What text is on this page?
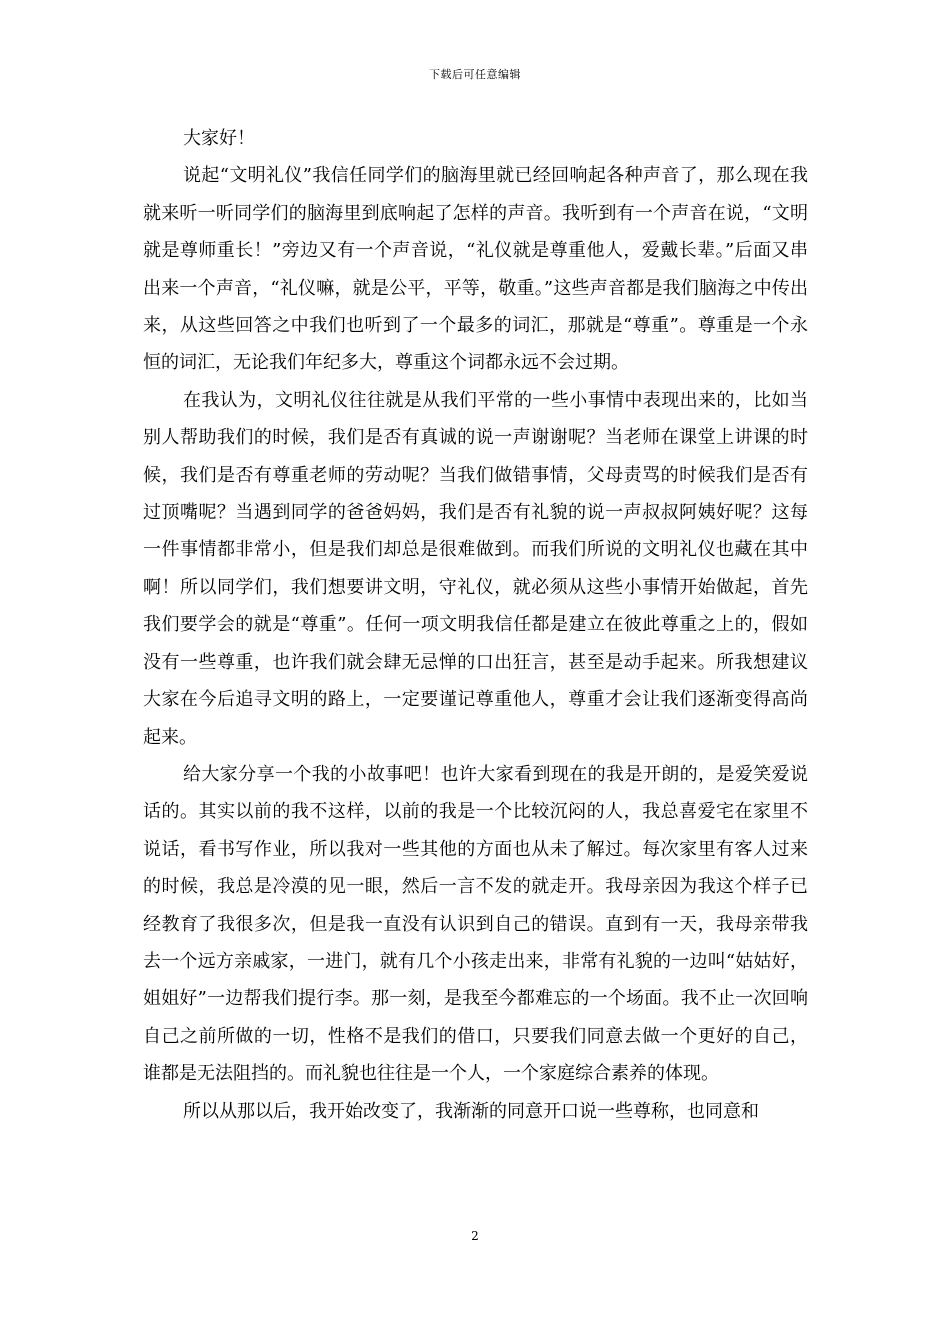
下载后可任意编辑

大家好！

说起“文明礼仪”我信任同学们的脑海里就已经回响起各种声音了，那么现在我就来听一听同学们的脑海里到底响起了怎样的声音。我听到有一个声音在说，“文明就是尊师重长！”旁边又有一个声音说，“礼仪就是尊重他人，爱戴长辈。”后面又串出来一个声音，“礼仪嘛，就是公平，平等，敬重。”这些声音都是我们脑海之中传出来，从这些回答之中我们也听到了一个最多的词汇，那就是“尊重”。尊重是一个永恒的词汇，无论我们年纪多大，尊重这个词都永远不会过期。

在我认为，文明礼仪往往就是从我们平常的一些小事情中表现出来的，比如当别人帮助我们的时候，我们是否有真诚的说一声谢谢呢？当老师在课堂上讲课的时候，我们是否有尊重老师的劳动呢？当我们做错事情，父母责骂的时候我们是否有过顶嘴呢？当遇到同学的爸爸妈妈，我们是否有礼貌的说一声叔叔阿姨好呢？这每一件事情都非常小，但是我们却总是很难做到。而我们所说的文明礼仪也藏在其中啊！所以同学们，我们想要讲文明，守礼仪，就必须从这些小事情开始做起，首先我们要学会的就是“尊重”。任何一项文明我信任都是建立在彼此尊重之上的，假如没有一些尊重，也许我们就会肆无忌惮的口出狂言，甚至是动手起来。所我想建议大家在今后追寻文明的路上，一定要谨记尊重他人，尊重才会让我们逐渐变得高尚起来。

给大家分享一个我的小故事吧！也许大家看到现在的我是开朗的，是爱笑爱说话的。其实以前的我不这样，以前的我是一个比较沉闷的人，我总喜爱宅在家里不说话，看书写作业，所以我对一些其他的方面也从未了解过。每次家里有客人过来的时候，我总是冷漠的见一眼，然后一言不发的就走开。我母亲因为我这个样子已经教育了我很多次，但是我一直没有认识到自己的错误。直到有一天，我母亲带我去一个远方亲戚家，一进门，就有几个小孩走出来，非常有礼貌的一边叫“姑姑好，姐姐好”一边帮我们提行李。那一刻，是我至今都难忘的一个场面。我不止一次回响自己之前所做的一切，性格不是我们的借口，只要我们同意去做一个更好的自己，谁都是无法阻挡的。而礼貌也往往是一个人，一个家庭综合素养的体现。

所以从那以后，我开始改变了，我渐渐的同意开口说一些尊称，也同意和

2
